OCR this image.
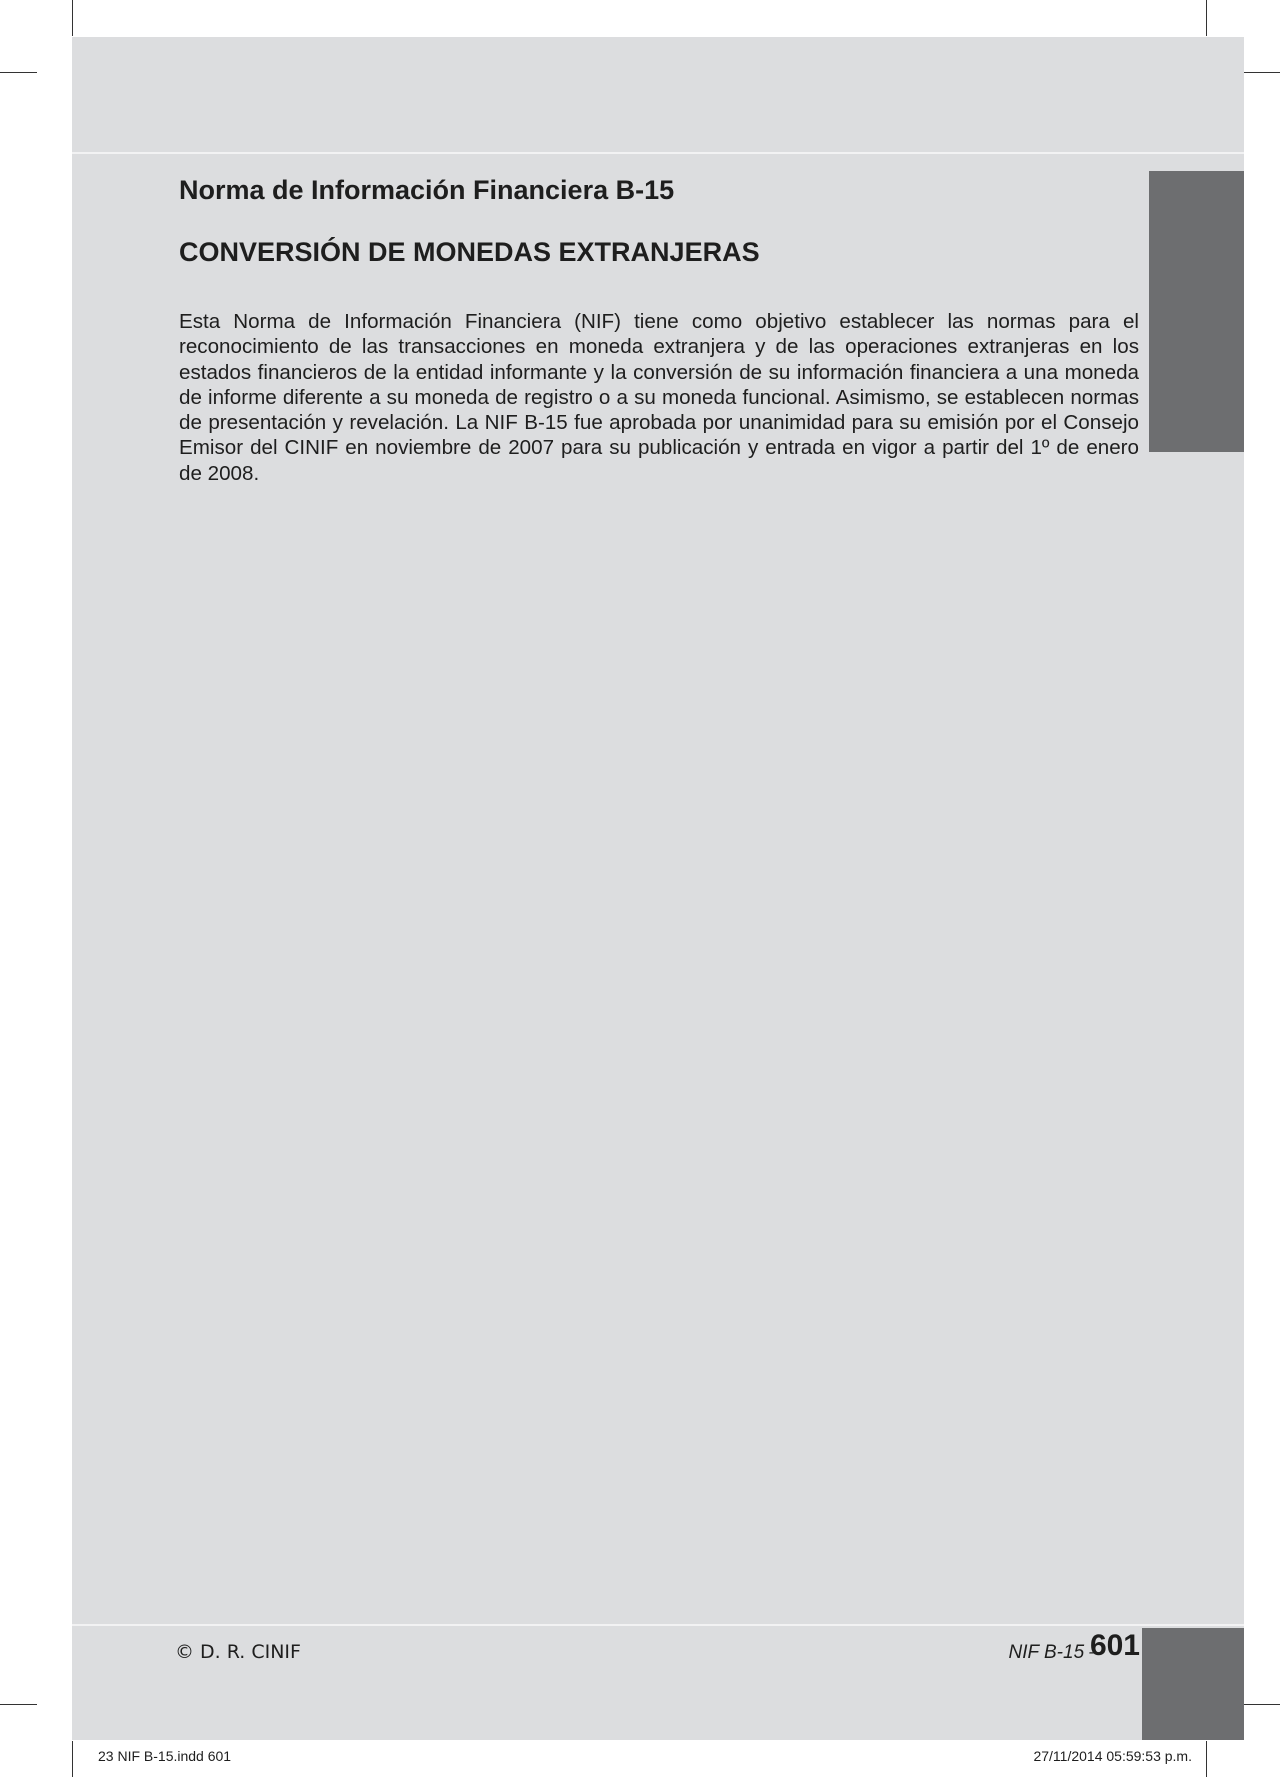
Norma de Información Financiera B-15
CONVERSIÓN DE MONEDAS EXTRANJERAS

Esta Norma de Información Financiera (NIF) tiene como objetivo establecer las normas para el reconocimiento de las transacciones en moneda extranjera y de las operaciones extranjeras en los estados financieros de la entidad informante y la conversión de su información financiera a una moneda de informe diferente a su moneda de registro o a su moneda funcional. Asimismo, se establecen normas de presentación y revelación. La NIF B-15 fue aprobada por unanimidad para su emisión por el Consejo Emisor del CINIF en noviembre de 2007 para su publicación y entrada en vigor a partir del 1º de enero de 2008.

© D. R. CINIF	NIF B-15 –
601
23 NIF B-15.indd 601	27/11/2014 05:59:53 p.m.
